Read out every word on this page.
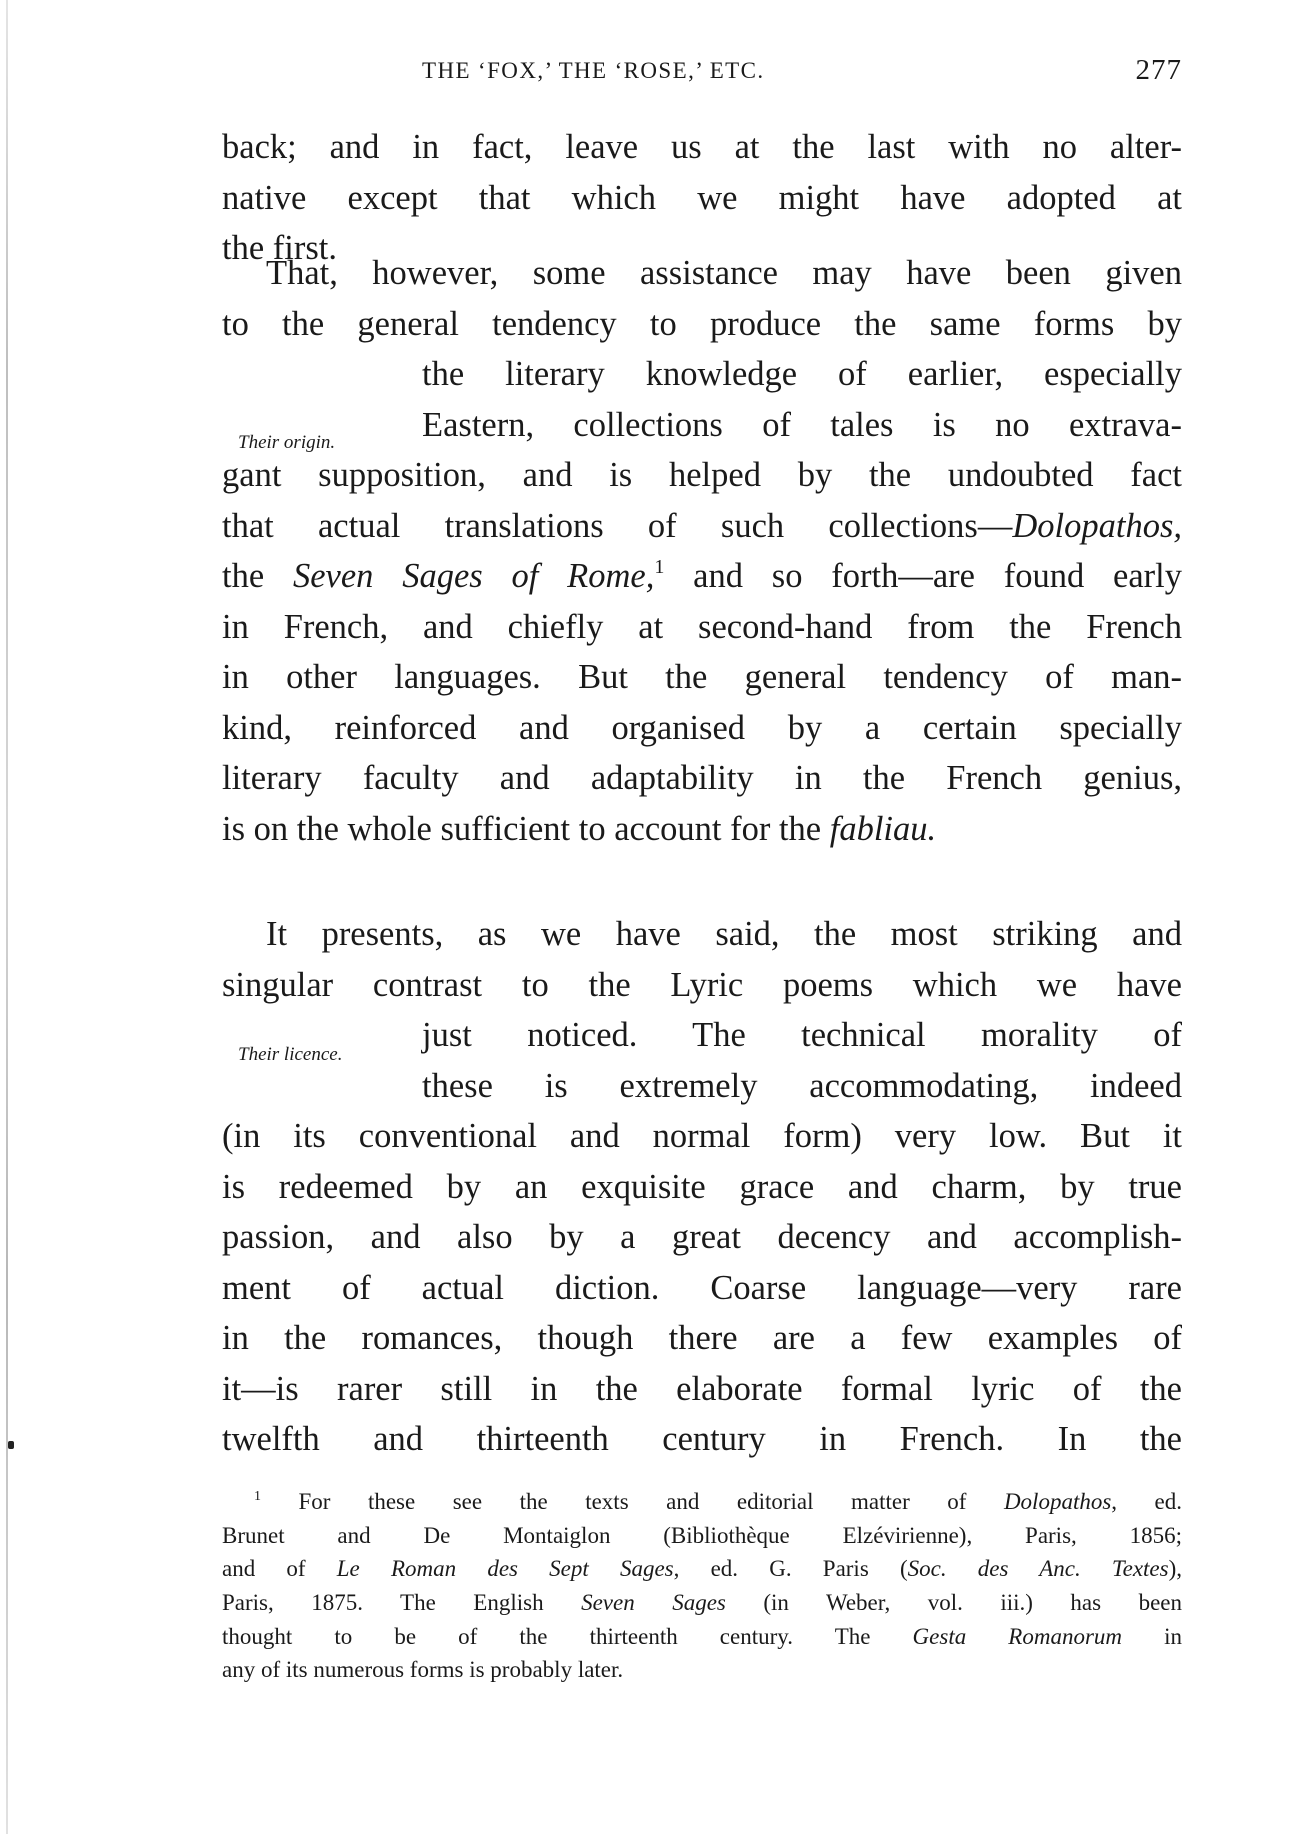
THE ‘FOX,’ THE ‘ROSE,’ ETC.	277
back; and in fact, leave us at the last with no alter-
native except that which we might have adopted at
the first.
That, however, some assistance may have been given
to the general tendency to produce the same forms by
the literary knowledge of earlier, especially
Eastern, collections of tales is no extrava-
gant supposition, and is helped by the undoubted fact
that actual translations of such collections—Dolopathos,
the Seven Sages of Rome,$^1$ and so forth—are found early
in French, and chiefly at second-hand from the French
in other languages. But the general tendency of man-
kind, reinforced and organised by a certain specially
literary faculty and adaptability in the French genius,
is on the whole sufficient to account for the fabliau.
Their origin.
It presents, as we have said, the most striking and
singular contrast to the Lyric poems which we have
just noticed. The technical morality of
these is extremely accommodating, indeed
(in its conventional and normal form) very low. But it
is redeemed by an exquisite grace and charm, by true
passion, and also by a great decency and accomplish-
ment of actual diction. Coarse language—very rare
in the romances, though there are a few examples of
it—is rarer still in the elaborate formal lyric of the
twelfth and thirteenth century in French. In the
Their licence.
$^1$ For these see the texts and editorial matter of Dolopathos, ed.
Brunet and De Montaiglon (Bibliothèque Elzévirienne), Paris, 1856;
and of Le Roman des Sept Sages, ed. G. Paris (Soc. des Anc. Textes),
Paris, 1875. The English Seven Sages (in Weber, vol. iii.) has been
thought to be of the thirteenth century. The Gesta Romanorum in
any of its numerous forms is probably later.
